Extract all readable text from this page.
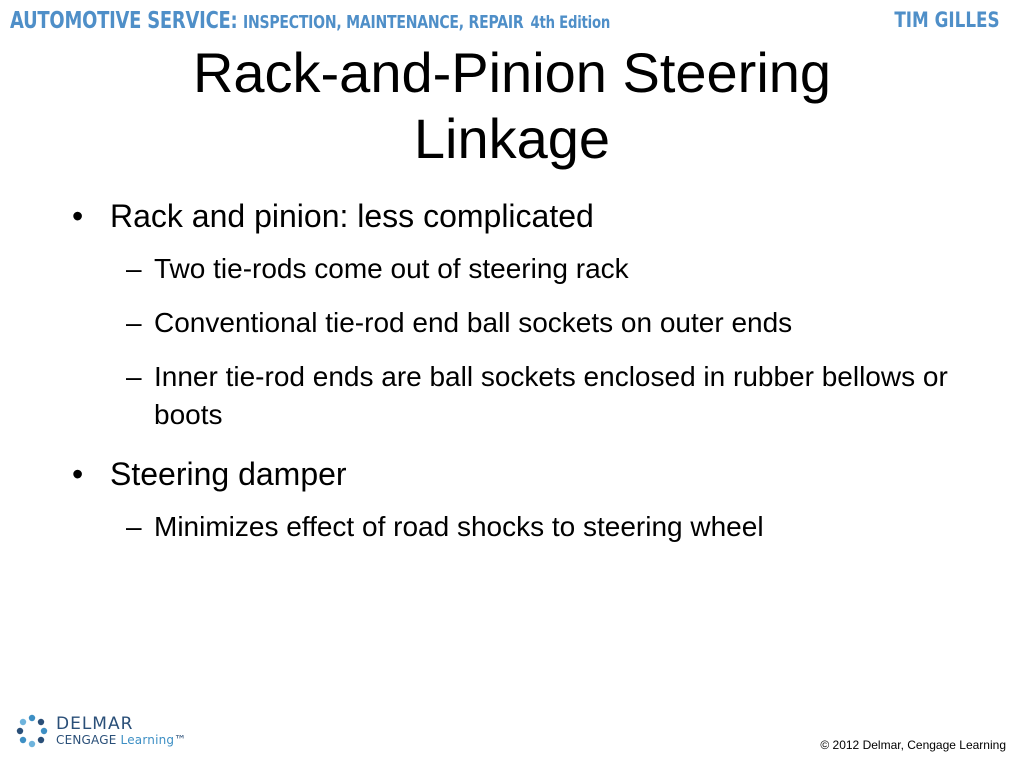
AUTOMOTIVE SERVICE: INSPECTION, MAINTENANCE, REPAIR 4th Edition	TIM GILLES
Rack-and-Pinion Steering
Linkage
• Rack and pinion: less complicated
– Two tie-rods come out of steering rack
– Conventional tie-rod end ball sockets on outer ends
– Inner tie-rod ends are ball sockets enclosed in rubber bellows or boots
• Steering damper
– Minimizes effect of road shocks to steering wheel
DELMAR
CENGAGE Learning™	© 2012 Delmar, Cengage Learning
